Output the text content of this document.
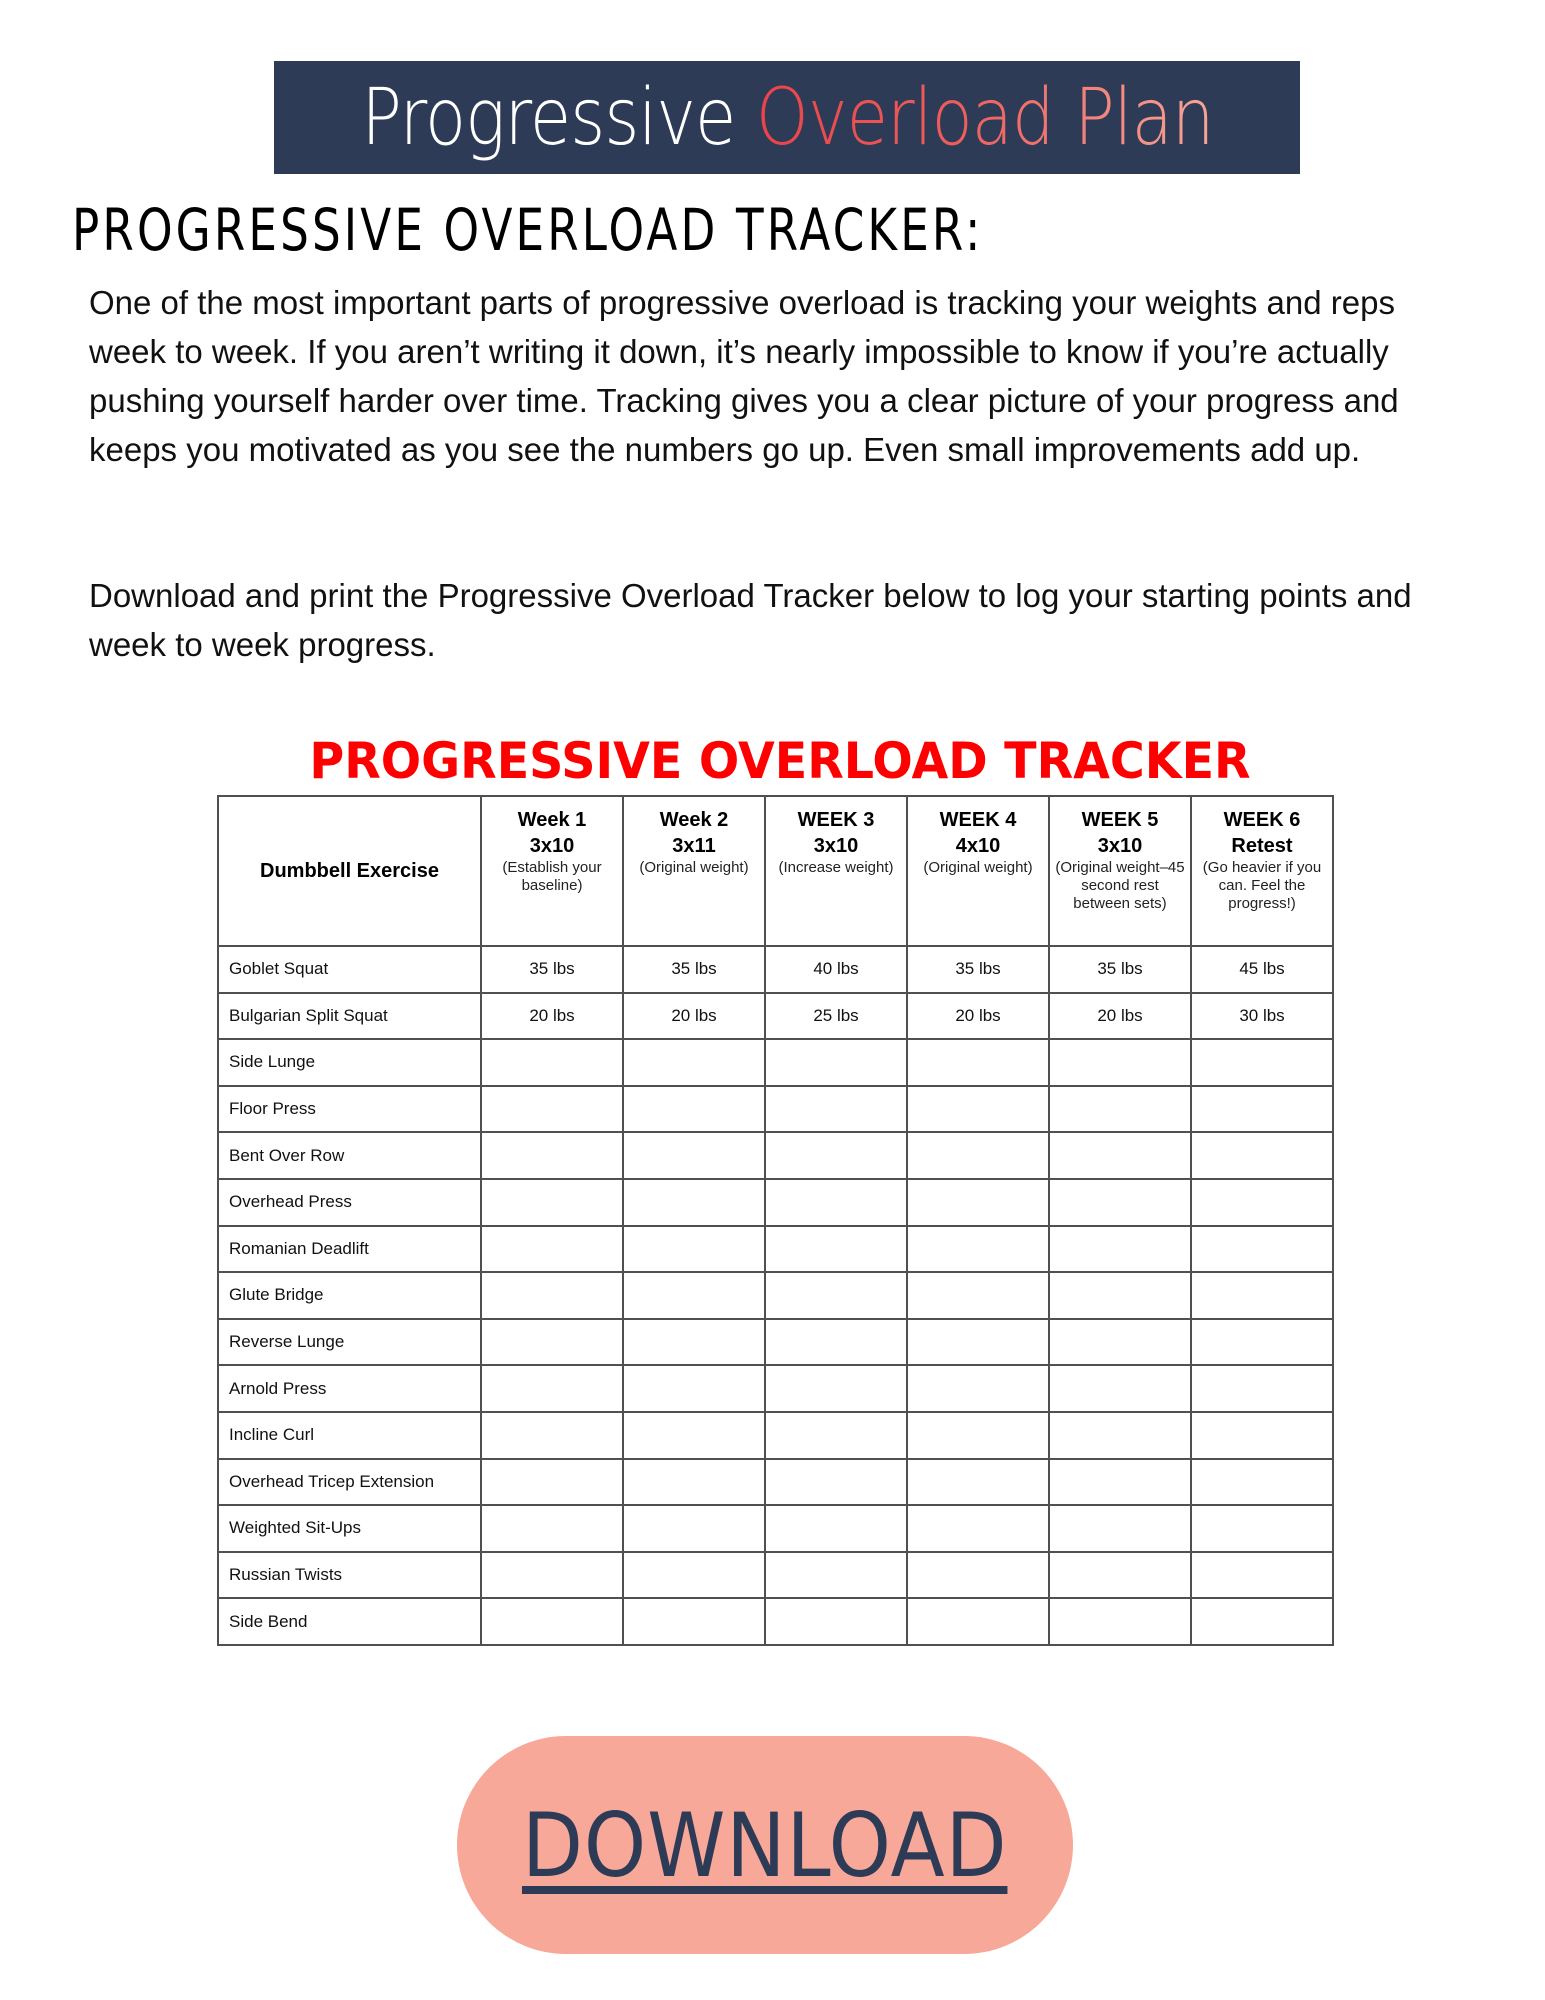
Progressive Overload Plan
PROGRESSIVE OVERLOAD TRACKER:

One of the most important parts of progressive overload is tracking your weights and reps week to week. If you aren’t writing it down, it’s nearly impossible to know if you’re actually pushing yourself harder over time. Tracking gives you a clear picture of your progress and keeps you motivated as you see the numbers go up. Even small improvements add up.

Download and print the Progressive Overload Tracker below to log your starting points and week to week progress.

PROGRESSIVE OVERLOAD TRACKER
Dumbbell Exercise	Week 1
3x10
(Establish your baseline)	Week 2
3x11
(Original weight)	WEEK 3
3x10
(Increase weight)	WEEK 4
4x10
(Original weight)	WEEK 5
3x10
(Original weight–45 second rest between sets)	WEEK 6
Retest
(Go heavier if you can. Feel the progress!)

Goblet Squat	35 lbs	35 lbs	40 lbs	35 lbs	35 lbs	45 lbs
Bulgarian Split Squat	20 lbs	20 lbs	25 lbs	20 lbs	20 lbs	30 lbs
Side Lunge						
Floor Press						
Bent Over Row						
Overhead Press						
Romanian Deadlift						
Glute Bridge						
Reverse Lunge						
Arnold Press						
Incline Curl						
Overhead Tricep Extension						
Weighted Sit-Ups						
Russian Twists						
Side Bend						
DOWNLOAD
